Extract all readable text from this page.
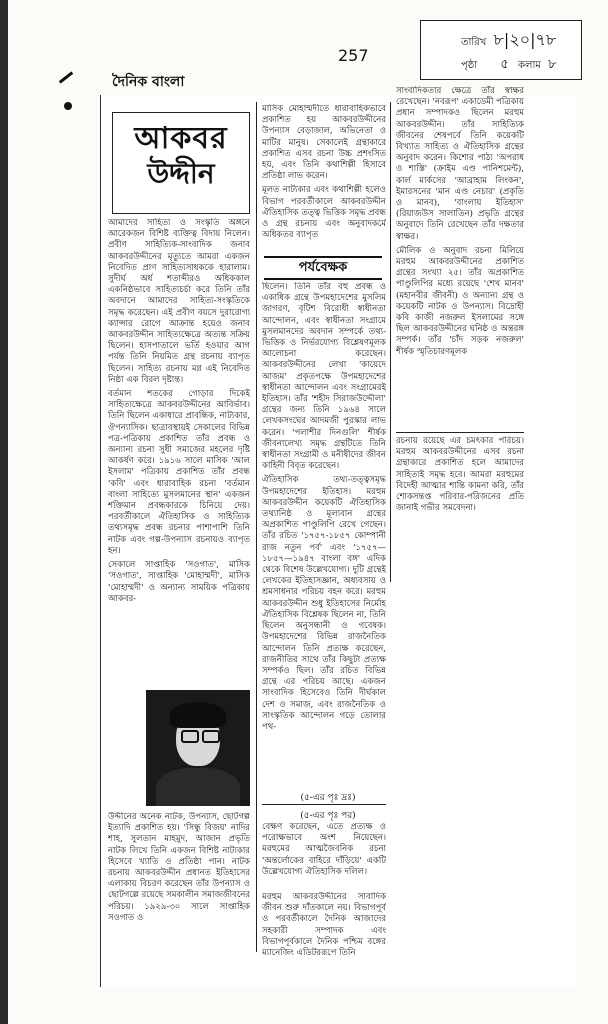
দৈনিক বাংলা
257
তারিখ ৮|২০|৭৮
পৃষ্ঠা ৫ কলাম ৮
আকবর
উদ্দীন

আমাদের সাহিত্য ও সংস্কৃতি অঙ্গনে আরেকজন বিশিষ্ট ব্যক্তিত্ব বিদায় নিলেন। প্রবীণ সাহিত্যিক-সাংবাদিক জনাব আকবরউদ্দীনের মৃত্যুতে আমরা একজন নিবেদিত প্রাণ সাহিত্যসাধককে হারালাম। সুদীর্ঘ অর্ধ শতাব্দীরও অধিককাল একনিষ্ঠভাবে সাহিত্যচর্চা করে তিনি তাঁর অবদানে আমাদের সাহিত্য-সংস্কৃতিকে সমৃদ্ধ করেছেন। এই প্রবীণ বয়সে দুরারোগ্য ক্যান্সার রোগে আক্রান্ত হয়েও জনাব আকবরউদ্দীন সাহিত্যক্ষেত্রে অত্যন্ত সক্রিয় ছিলেন। হাসপাতালে ভর্তি হওয়ার আগ পর্যন্ত তিনি নিয়মিত গ্রন্থ রচনায় ব্যাপৃত ছিলেন। সাহিত্য রচনায় মগ্ন এই নিবেদিত নিষ্ঠা এক বিরল দৃষ্টান্ত।

বর্তমান শতকের গোড়ার দিকেই সাহিত্যক্ষেত্রে আকবরউদ্দীনের আবির্ভাব। তিনি ছিলেন একাধারে প্রাবন্ধিক, নাট্যকার, ঔপন্যাসিক। ছাত্রাবস্থায়ই সেকালের বিভিন্ন পত্র-পত্রিকায় প্রকাশিত তাঁর প্রবন্ধ ও অন্যান্য রচনা সুধী সমাজের মহলের দৃষ্টি আকর্ষণ করে। ১৯১৬ সালে মাসিক 'আল ইসলাম' পত্রিকায় প্রকাশিত তাঁর প্রবন্ধ 'কবি' এবং ধারাবাহিক রচনা 'বর্তমান বাংলা সাহিত্যে মুসলমানের স্থান' একজন শক্তিমান প্রবন্ধকারকে চিনিয়ে দেয়। পরবর্তীকালে ঐতিহাসিক ও সাহিত্যিক তথ্যসমৃদ্ধ প্রবন্ধ রচনার পাশাপাশি তিনি নাটক এবং গল্প-উপন্যাস রচনায়ও ব্যাপৃত হন।

সেকালে সাপ্তাহিক 'সওগাত', মাসিক 'সওগাত', সাপ্তাহিক 'মোহাম্মদী', মাসিক 'মোহাম্মদী' ও অন্যান্য সাময়িক পত্রিকায় আকবর-

উদ্দীনের অনেক নাটক, উপন্যাস, ছোটগল্প ইত্যাদি প্রকাশিত হয়। 'সিন্ধু বিজয়' নাদির শাহ, সুলতান মাহমুদ, আজান প্রভৃতি নাটক লিখে তিনি একজন বিশিষ্ট নাট্যকার হিসেবে খ্যাতি ও প্রতিষ্ঠা পান। নাটক রচনায় আকবরউদ্দীন প্রধানত ইতিহাসের এলাকায় বিচরণ করেছেন তাঁর উপন্যাস ও ছোটগল্পে রয়েছে সমকালীন সমাজজীবনের পরিচয়। ১৯২৯-৩০ সালে সাপ্তাহিক সওগাত ও

মাসিক মোহাম্মদীতে ধারাবাহিকভাবে প্রকাশিত হয় আকবরউদ্দীনের উপন্যাস বেড়াজাল, অভিনেতা ও মাটির মানুষ। সেকালেই গ্রন্থাকারে প্রকাশিত এসব রচনা উচ্চ প্রশংসিত হয়, এবং তিনি কথাশিল্পী হিসাবে প্রতিষ্ঠা লাভ করেন।

মূলত নাট্যকার এবং কথাশিল্পী হলেও বিভাগ পরবর্তীকালে আকবরউদ্দীন ঐতিহাসিক তত্ত্ব ভিত্তিক সমৃদ্ধ প্রবন্ধ ও গ্রন্থ রচনায় এবং অনুবাদকর্মে অধিকতর ব্যাপৃত

পর্যবেক্ষক

ছিলেন। তিনি তাঁর বহু প্রবন্ধ ও একাধিক গ্রন্থে উপমহাদেশের মুসলিম জাগরণ, বৃটিশ বিরোধী স্বাধীনতা আন্দোলন, এবং স্বাধীনতা সংগ্রামে মুসলমানদের অবদান সম্পর্কে তথ্য-ভিত্তিক ও নির্ভরযোগ্য বিশ্লেষণমূলক আলোচনা করেছেন। আকবরউদ্দীনের লেখা 'কায়েদে আজম' প্রকৃতপক্ষে উপমহাদেশের স্বাধীনতা আন্দোলন এবং সংগ্রামেরই ইতিহাস। তাঁর 'শহীদ সিরাজউদ্দৌলা' গ্রন্থের জন্য তিনি ১৯৬৪ সালে লেখকসংঘের আদমজী পুরস্কার লাভ করেন। 'পলাশীর দিনগুলি' শীর্ষক জীবনালেখ্য সমৃদ্ধ গ্রন্থটিতে তিনি স্বাধীনতা সংগ্রামী ও মনীষীদের জীবন কাহিনী বিবৃত করেছেন।

ঐতিহাসিক তথ্য-তত্ত্বসমৃদ্ধ উপমহাদেশের ইতিহাস। মরহুম আকবরউদ্দীন কয়েকটি ঐতিহাসিক তথ্যানিষ্ঠ ও মূল্যবান গ্রন্থের অপ্রকাশিত পাণ্ডুলিপি রেখে গেছেন। তাঁর রচিত '১৭৫৭-১৮৫৭ কোম্পানী রাজ নতুন পর্ব' এবং '১৭৫৭—১৮৫৭—১৯৪৭ বাংলা বঙ্গ' এদিক থেকে বিশেষ উল্লেখযোগ্য। দুটি গ্রন্থেই লেখকের ইতিহাসজ্ঞান, অধ্যবসায় ও শ্রমসাধনার পরিচয় বহন করে। মরহুম আকবরউদ্দীন শুধু ইতিহাসের নির্মোহ ঐতিহাসিক বিশ্লেষক ছিলেন না, তিনি ছিলেন অনুসন্ধানী ও গবেষক। উপমহাদেশের বিভিন্ন রাজনৈতিক আন্দোলন তিনি প্রত্যক্ষ করেছেন, রাজনীতির সাথে তাঁর কিছুটা প্রত্যক্ষ সম্পর্কও ছিল। তাঁর রচিত বিভিন্ন গ্রন্থে এর পরিচয় আছে। একজন সাংবাদিক হিসেবেও তিনি দীর্ঘকাল দেশ ও সমাজ, এবং রাজনৈতিক ও সাংস্কৃতিক আন্দোলন গড়ে তোলার পথ-

(৫-এর পৃঃ দ্রঃ)
(৫-এর পৃঃ পর)

বেক্ষণ করেছেন, এতে প্রত্যক্ষ ও পরোক্ষভাবে অংশ নিয়েছেন। মরহুমের আত্মজৈবনিক রচনা 'অন্তর্লোকের বাহিরে দাঁড়িয়ে' একটি উল্লেখযোগ্য ঐতিহাসিক দলিল।

মরহুম আকবরউদ্দীনের সাবাদিক জীবন শুরু দাঁতকালে নয়। বিভাগপূর্ব ও পরবর্তীকালে দৈনিক আজাদের সহকারী সম্পাদক এবং বিভাগপূর্বকালে দৈনিক পশ্চিম বঙ্গের ম্যানেজিং এডিটররূপে তিনি

সাংবাদিকতার ক্ষেত্রে তাঁর স্বাক্ষর রেখেছেন। 'নবরূপ' একাডেমী পত্রিকায় প্রধান সম্পাদকও ছিলেন মরহুম আকবরউদ্দীন। তাঁর সাহিত্যিক জীবনের শেষপর্বে তিনি কয়েকটি বিখ্যাত সাহিত্য ও ঐতিহাসিক গ্রন্থের অনুবাদ করেন। কিশোর পাঠ্য 'অপরাধ ও শাস্তি' (ক্রাইম এণ্ড পানিশমেন্ট), কার্ল মার্কসের 'আব্রাহাম লিংকন', ইমারসনের 'মান এণ্ড নেচার' (প্রকৃতি ও মানব), 'বাংলায় ইতিহাস' (রিয়াজউস সালাতিন) প্রভৃতি গ্রন্থের অনুবাদে তিনি রেখেছেন তাঁর দক্ষতার স্বাক্ষর।

মৌলিক ও অনুবাদ রচনা মিলিয়ে মরহুম আকবরউদ্দীনের প্রকাশিত গ্রন্থের সংখ্যা ২৫। তাঁর অপ্রকাশিত পাণ্ডুলিপির মধ্যে রয়েছে 'শেখ মানব' (মহানবীর জীবনী) ও অন্যান্য গ্রন্থ ও কয়েকটি নাটক ও উপন্যাস। বিদ্রোহী কবি কাজী নজরুল ইসলামের সঙ্গে ছিল আকবরউদ্দীনের ঘনিষ্ঠ ও অন্তরঙ্গ সম্পর্ক। তাঁর 'চাঁদ সড়ক নজরুল' শীর্ষক স্মৃতিচারণমূলক

রচনায় রয়েছে এর চমৎকার পরিচয়। মরহুম আকবরউদ্দীনের এসব রচনা গ্রন্থাকারে প্রকাশিত হলে আমাদের সাহিত্যই সমৃদ্ধ হবে। আমরা মরহুমের বিদেহী আত্মার শান্তি কামনা করি, তাঁর শোকসন্তপ্ত পরিবার-পরিজনের প্রতি জানাই গভীর সমবেদনা।
